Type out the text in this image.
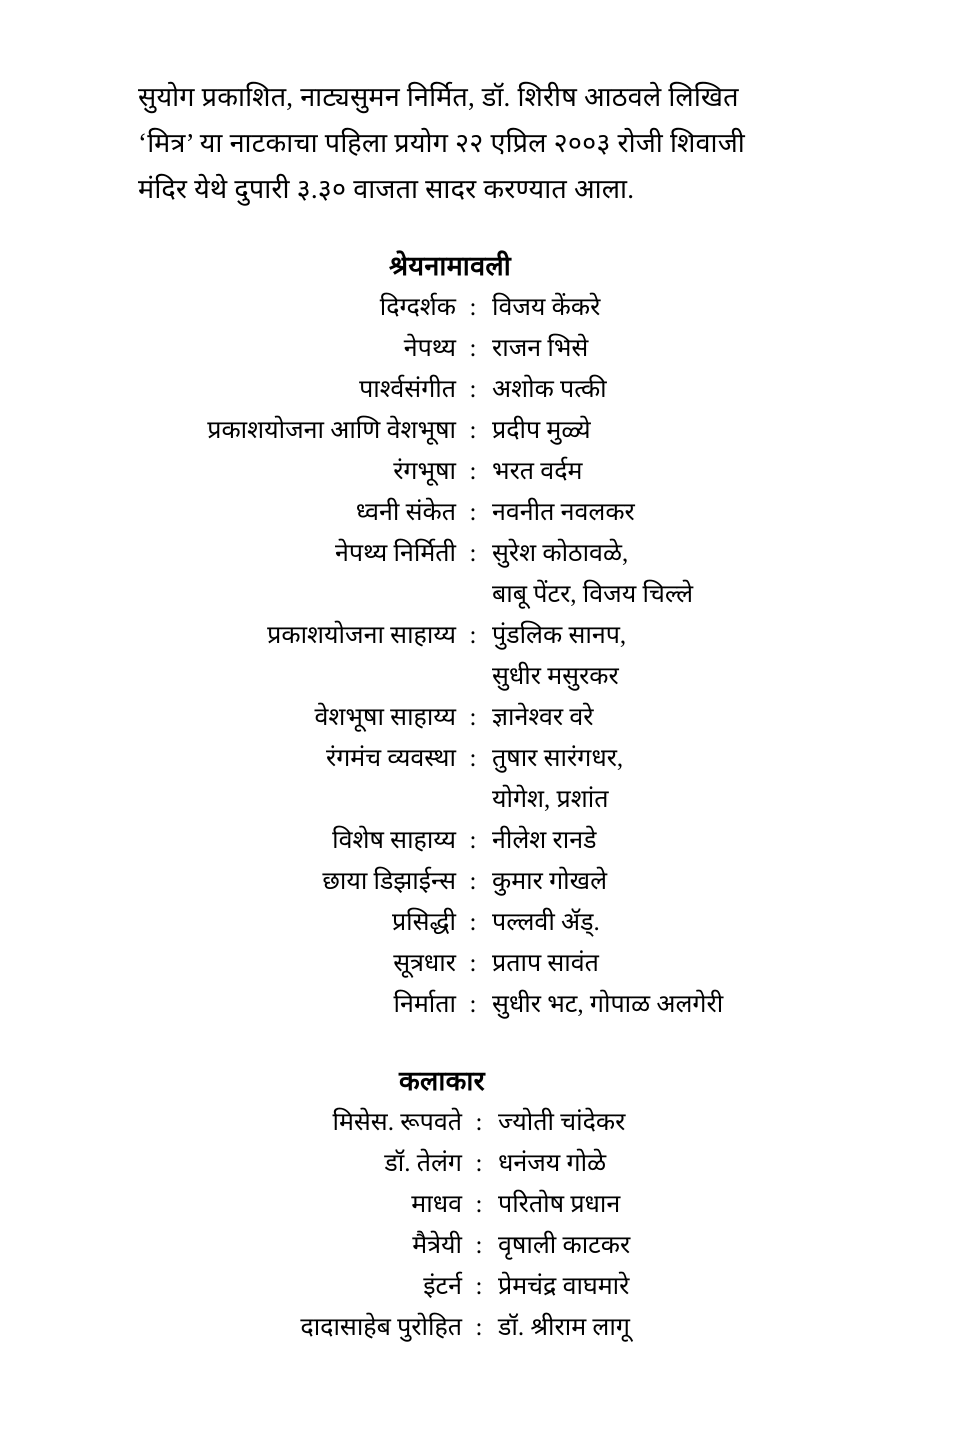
सुयोग प्रकाशित, नाट्यसुमन निर्मित, डॉ. शिरीष आठवले लिखित
‘मित्र’ या नाटकाचा पहिला प्रयोग २२ एप्रिल २००३ रोजी शिवाजी
मंदिर येथे दुपारी ३.३० वाजता सादर करण्यात आला.
श्रेयनामावली
दिग्दर्शक : विजय केंकरे
नेपथ्य : राजन भिसे
पार्श्वसंगीत : अशोक पत्की
प्रकाशयोजना आणि वेशभूषा : प्रदीप मुळ्ये
रंगभूषा : भरत वर्दम
ध्वनी संकेत : नवनीत नवलकर
नेपथ्य निर्मिती : सुरेश कोठावळे,
बाबू पेंटर, विजय चिल्ले
प्रकाशयोजना साहाय्य : पुंडलिक सानप,
सुधीर मसुरकर
वेशभूषा साहाय्य : ज्ञानेश्वर वरे
रंगमंच व्यवस्था : तुषार सारंगधर,
योगेश, प्रशांत
विशेष साहाय्य : नीलेश रानडे
छाया डिझाईन्स : कुमार गोखले
प्रसिद्धी : पल्लवी ॲड्.
सूत्रधार : प्रताप सावंत
निर्माता : सुधीर भट, गोपाळ अलगेरी
कलाकार
मिसेस. रूपवते : ज्योती चांदेकर
डॉ. तेलंग : धनंजय गोळे
माधव : परितोष प्रधान
मैत्रेयी : वृषाली काटकर
इंटर्न : प्रेमचंद्र वाघमारे
दादासाहेब पुरोहित : डॉ. श्रीराम लागू
